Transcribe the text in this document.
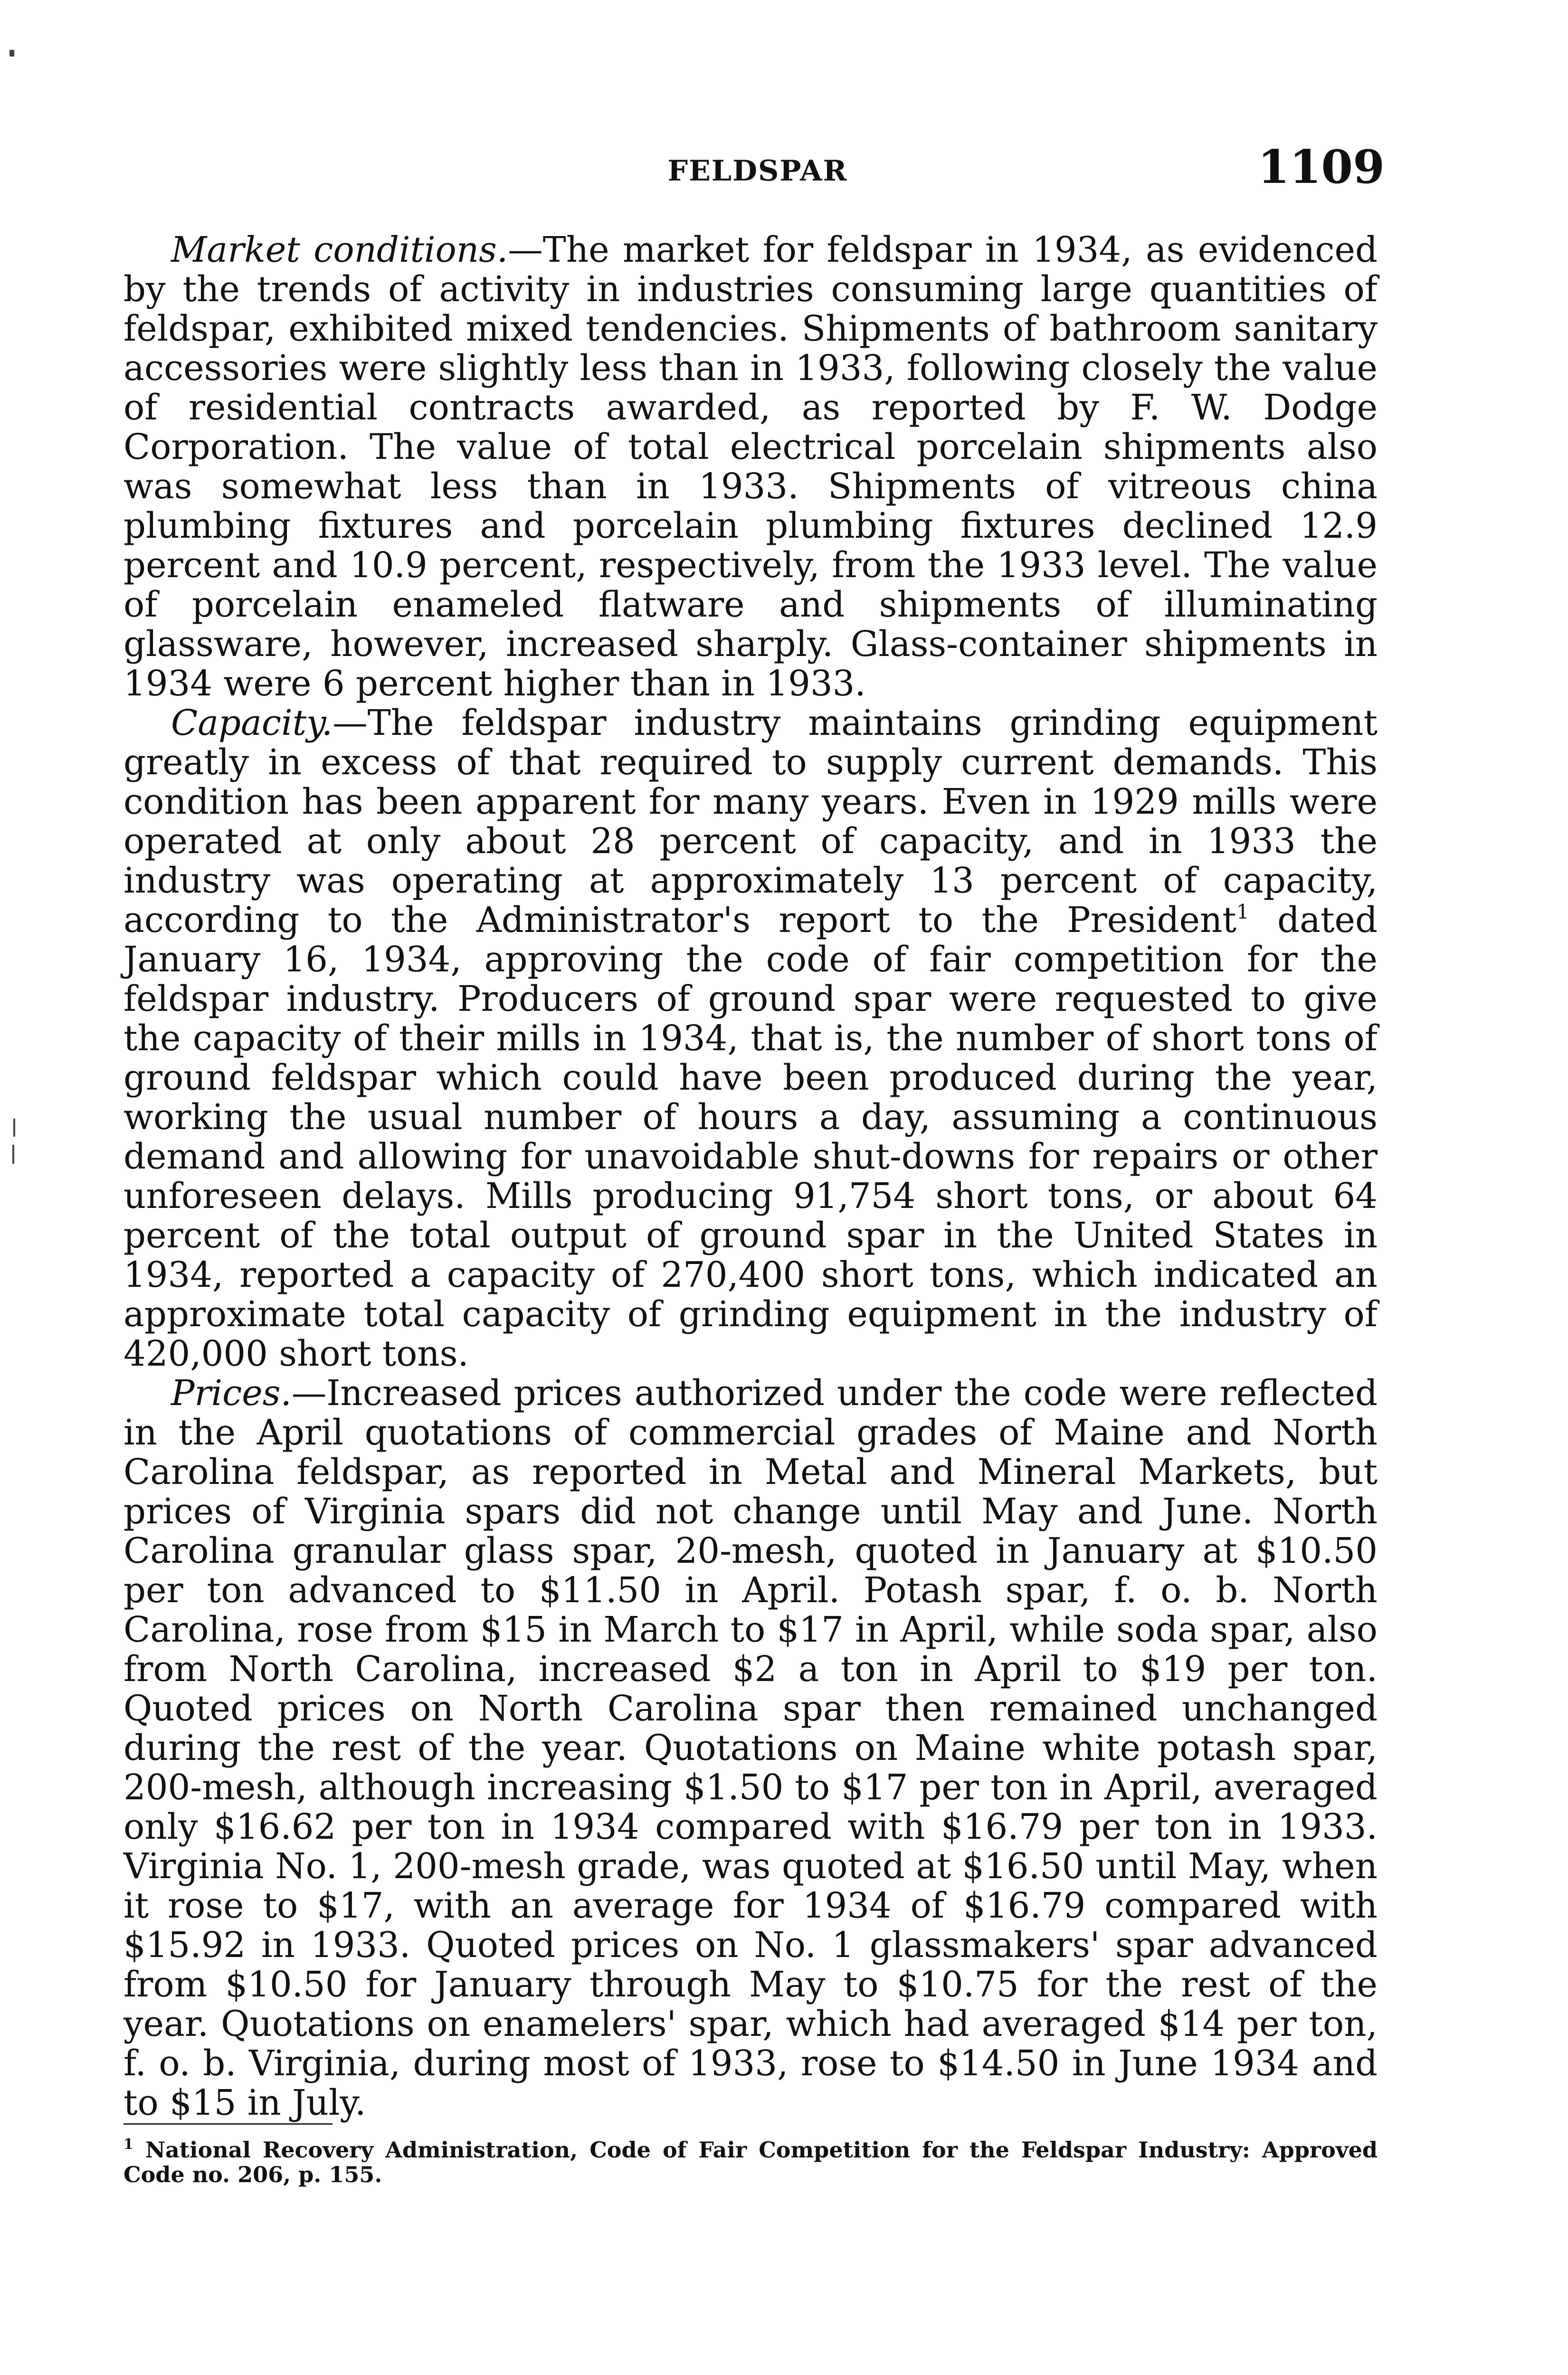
FELDSPAR	1109

Market conditions.—The market for feldspar in 1934, as evidenced by the trends of activity in industries consuming large quantities of feldspar, exhibited mixed tendencies. Shipments of bathroom sanitary accessories were slightly less than in 1933, following closely the value of residential contracts awarded, as reported by F. W. Dodge Corporation. The value of total electrical porcelain shipments also was somewhat less than in 1933. Shipments of vitreous china plumbing fixtures and porcelain plumbing fixtures declined 12.9 percent and 10.9 percent, respectively, from the 1933 level. The value of porcelain enameled flatware and shipments of illuminating glassware, however, increased sharply. Glass-container shipments in 1934 were 6 percent higher than in 1933.

Capacity.—The feldspar industry maintains grinding equipment greatly in excess of that required to supply current demands. This condition has been apparent for many years. Even in 1929 mills were operated at only about 28 percent of capacity, and in 1933 the industry was operating at approximately 13 percent of capacity, according to the Administrator's report to the President$^1$ dated January 16, 1934, approving the code of fair competition for the feldspar industry. Producers of ground spar were requested to give the capacity of their mills in 1934, that is, the number of short tons of ground feldspar which could have been produced during the year, working the usual number of hours a day, assuming a continuous demand and allowing for unavoidable shut-downs for repairs or other unforeseen delays. Mills producing 91,754 short tons, or about 64 percent of the total output of ground spar in the United States in 1934, reported a capacity of 270,400 short tons, which indicated an approximate total capacity of grinding equipment in the industry of 420,000 short tons.

Prices.—Increased prices authorized under the code were reflected in the April quotations of commercial grades of Maine and North Carolina feldspar, as reported in Metal and Mineral Markets, but prices of Virginia spars did not change until May and June. North Carolina granular glass spar, 20-mesh, quoted in January at $10.50 per ton advanced to $11.50 in April. Potash spar, f. o. b. North Carolina, rose from $15 in March to $17 in April, while soda spar, also from North Carolina, increased $2 a ton in April to $19 per ton. Quoted prices on North Carolina spar then remained unchanged during the rest of the year. Quotations on Maine white potash spar, 200-mesh, although increasing $1.50 to $17 per ton in April, averaged only $16.62 per ton in 1934 compared with $16.79 per ton in 1933. Virginia No. 1, 200-mesh grade, was quoted at $16.50 until May, when it rose to $17, with an average for 1934 of $16.79 compared with $15.92 in 1933. Quoted prices on No. 1 glassmakers' spar advanced from $10.50 for January through May to $10.75 for the rest of the year. Quotations on enamelers' spar, which had averaged $14 per ton, f. o. b. Virginia, during most of 1933, rose to $14.50 in June 1934 and to $15 in July.

$^1$ National Recovery Administration, Code of Fair Competition for the Feldspar Industry: Approved Code no. 206, p. 155.
